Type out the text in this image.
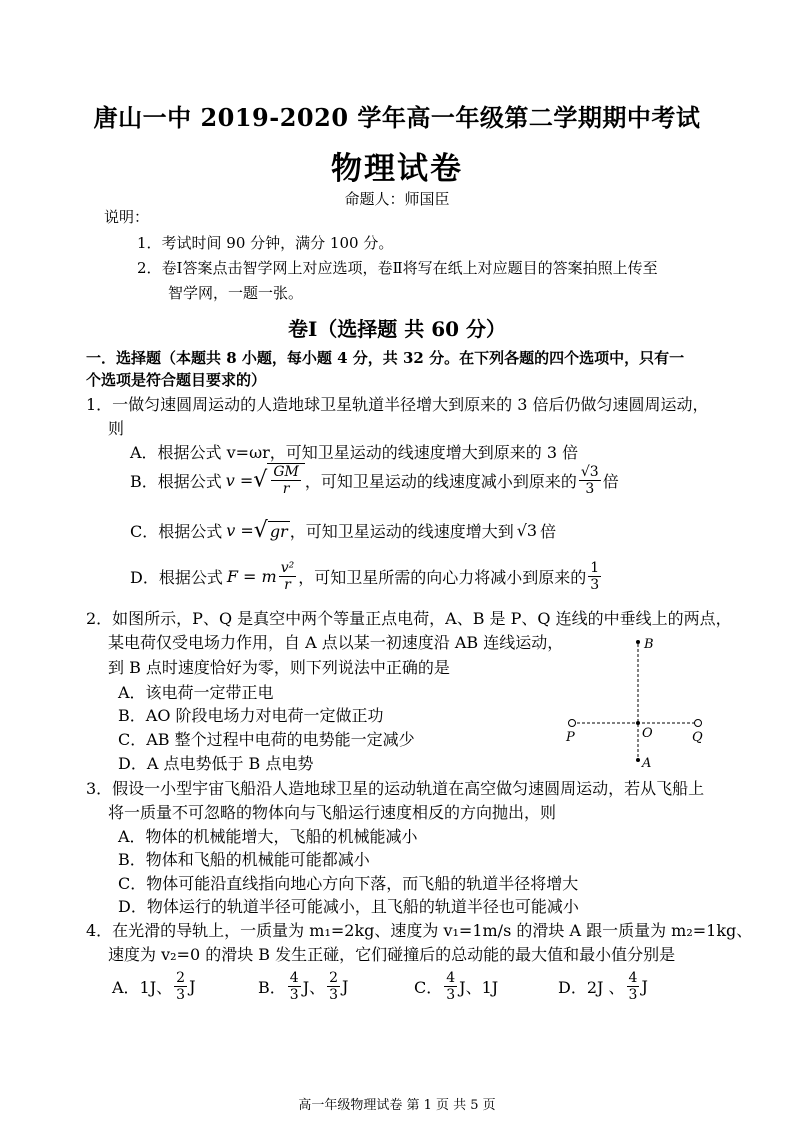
唐山一中 2019-2020 学年高一年级第二学期期中考试
物理试卷
命题人：师国臣
说明：
1．考试时间 90 分钟，满分 100 分。
2．卷Ⅰ答案点击智学网上对应选项，卷Ⅱ将写在纸上对应题目的答案拍照上传至
智学网，一题一张。
卷Ⅰ（选择题 共 60 分）
一．选择题（本题共 8 小题，每小题 4 分，共 32 分。在下列各题的四个选项中，只有一
个选项是符合题目要求的）
1．一做匀速圆周运动的人造地球卫星轨道半径增大到原来的 3 倍后仍做匀速圆周运动，
则
A．根据公式 v=ωr，可知卫星运动的线速度增大到原来的 3 倍
B．根据公式 v = √ $\frac{GM}{r}$ ，可知卫星运动的线速度减小到原来的 $\frac{√3}{3}$ 倍
C．根据公式 v = √ gr ，可知卫星运动的线速度增大到 √3 倍
D．根据公式 F = m $\frac{\text{v²}}{r}$ ，可知卫星所需的向心力将减小到原来的 $\frac{1}{3}$
2．如图所示，P、Q 是真空中两个等量正点电荷，A、B 是 P、Q 连线的中垂线上的两点，
某电荷仅受电场力作用，自 A 点以某一初速度沿 AB 连线运动，
到 B 点时速度恰好为零，则下列说法中正确的是
A．该电荷一定带正电
B．AO 阶段电场力对电荷一定做正功
C．AB 整个过程中电荷的电势能一定减少
D．A 点电势低于 B 点电势
B
P	O	Q
A
3．假设一小型宇宙飞船沿人造地球卫星的运动轨道在高空做匀速圆周运动，若从飞船上
将一质量不可忽略的物体向与飞船运行速度相反的方向抛出，则
A．物体的机械能增大，飞船的机械能减小
B．物体和飞船的机械能可能都减小
C．物体可能沿直线指向地心方向下落，而飞船的轨道半径将增大
D．物体运行的轨道半径可能减小，且飞船的轨道半径也可能减小
4．在光滑的导轨上，一质量为 m₁=2kg、速度为 v₁=1m/s 的滑块 A 跟一质量为 m₂=1kg、
速度为 v₂=0 的滑块 B 发生正碰，它们碰撞后的总动能的最大值和最小值分别是
A．1J、 $\frac{2}{3}$ J	B． $\frac{4}{3}$ J、 $\frac{2}{3}$ J	C． $\frac{4}{3}$ J、1J	D．2J 、 $\frac{4}{3}$ J
高一年级物理试卷 第 1 页 共 5 页
